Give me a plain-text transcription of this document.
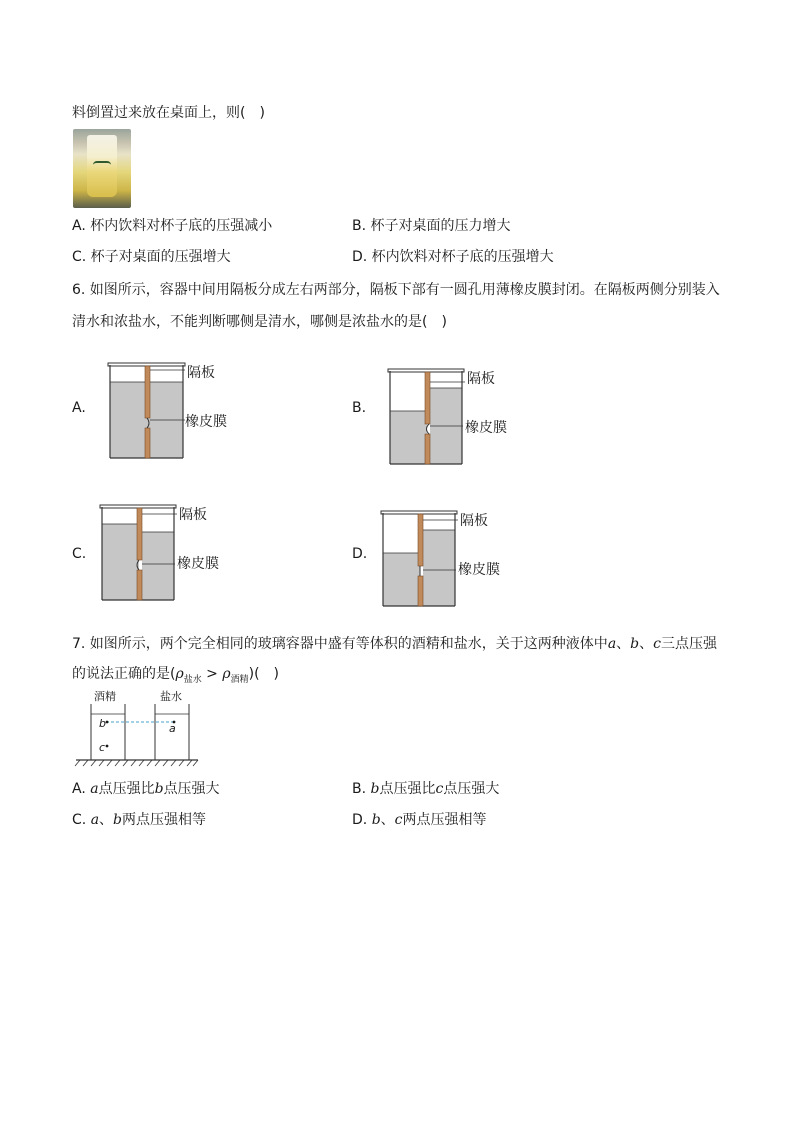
料倒置过来放在桌面上，则(　)
A. 杯内饮料对杯子底的压强减小	B. 杯子对桌面的压力增大
C. 杯子对桌面的压强增大	D. 杯内饮料对杯子底的压强增大
6. 如图所示，容器中间用隔板分成左右两部分，隔板下部有一圆孔用薄橡皮膜封闭。在隔板两侧分别装入
清水和浓盐水，不能判断哪侧是清水，哪侧是浓盐水的是(　)
A.
隔板
橡皮膜
B.
隔板
橡皮膜
C.
隔板
橡皮膜
D.
隔板
橡皮膜
7. 如图所示，两个完全相同的玻璃容器中盛有等体积的酒精和盐水，关于这两种液体中a、b、c三点压强
的说法正确的是$(\rho_{盐水} > \rho_{酒精})$(　)
酒精	盐水
b	a
c
A. a点压强比b点压强大	B. b点压强比c点压强大
C. a、b两点压强相等	D. b、c两点压强相等
